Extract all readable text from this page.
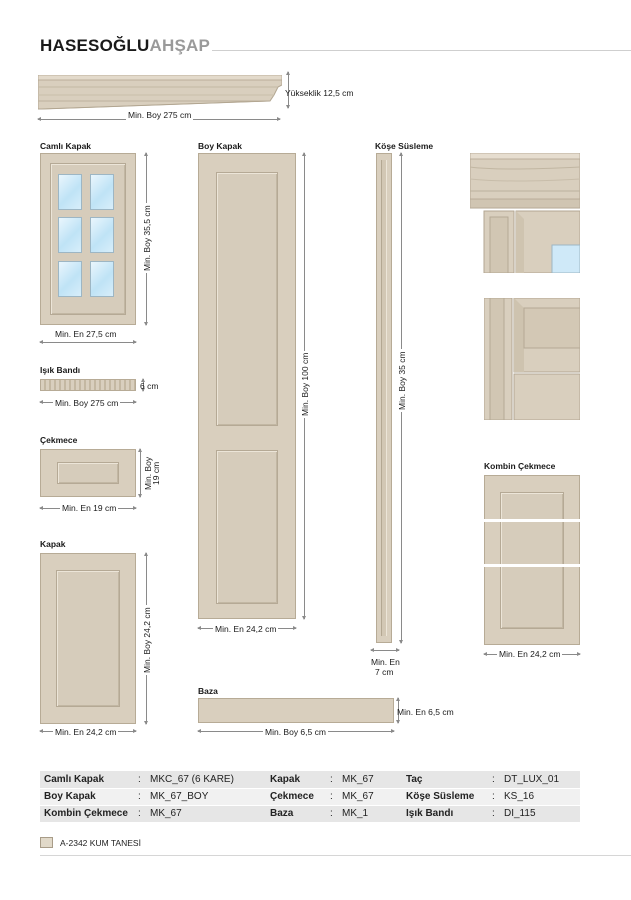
HASESOĞLUAHŞAP
Yükseklik 12,5 cm
Min. Boy 275 cm
Camlı Kapak
Min. Boy 35,5 cm
Min. En 27,5 cm
Işık Bandı
6 cm
Min. Boy 275 cm
Çekmece
Min. Boy
19 cm
Min. En 19 cm
Kapak
Min. Boy 24,2 cm
Min. En 24,2 cm
Boy Kapak
Min. Boy 100 cm
Min. En 24,2 cm
Köşe Süsleme
Min. Boy 35 cm
Min. En
7 cm
Kombin Çekmece
Min. En 24,2 cm
Baza
Min. En 6,5 cm
Min. Boy 6,5 cm
Camlı Kapak	:	MKC_67 (6 KARE)	Kapak	:	MK_67	Taç	:	DT_LUX_01
Boy Kapak	:	MK_67_BOY	Çekmece	:	MK_67	Köşe Süsleme	:	KS_16
Kombin Çekmece	:	MK_67	Baza	:	MK_1	Işık Bandı	:	DI_115
A-2342 KUM TANESİ
